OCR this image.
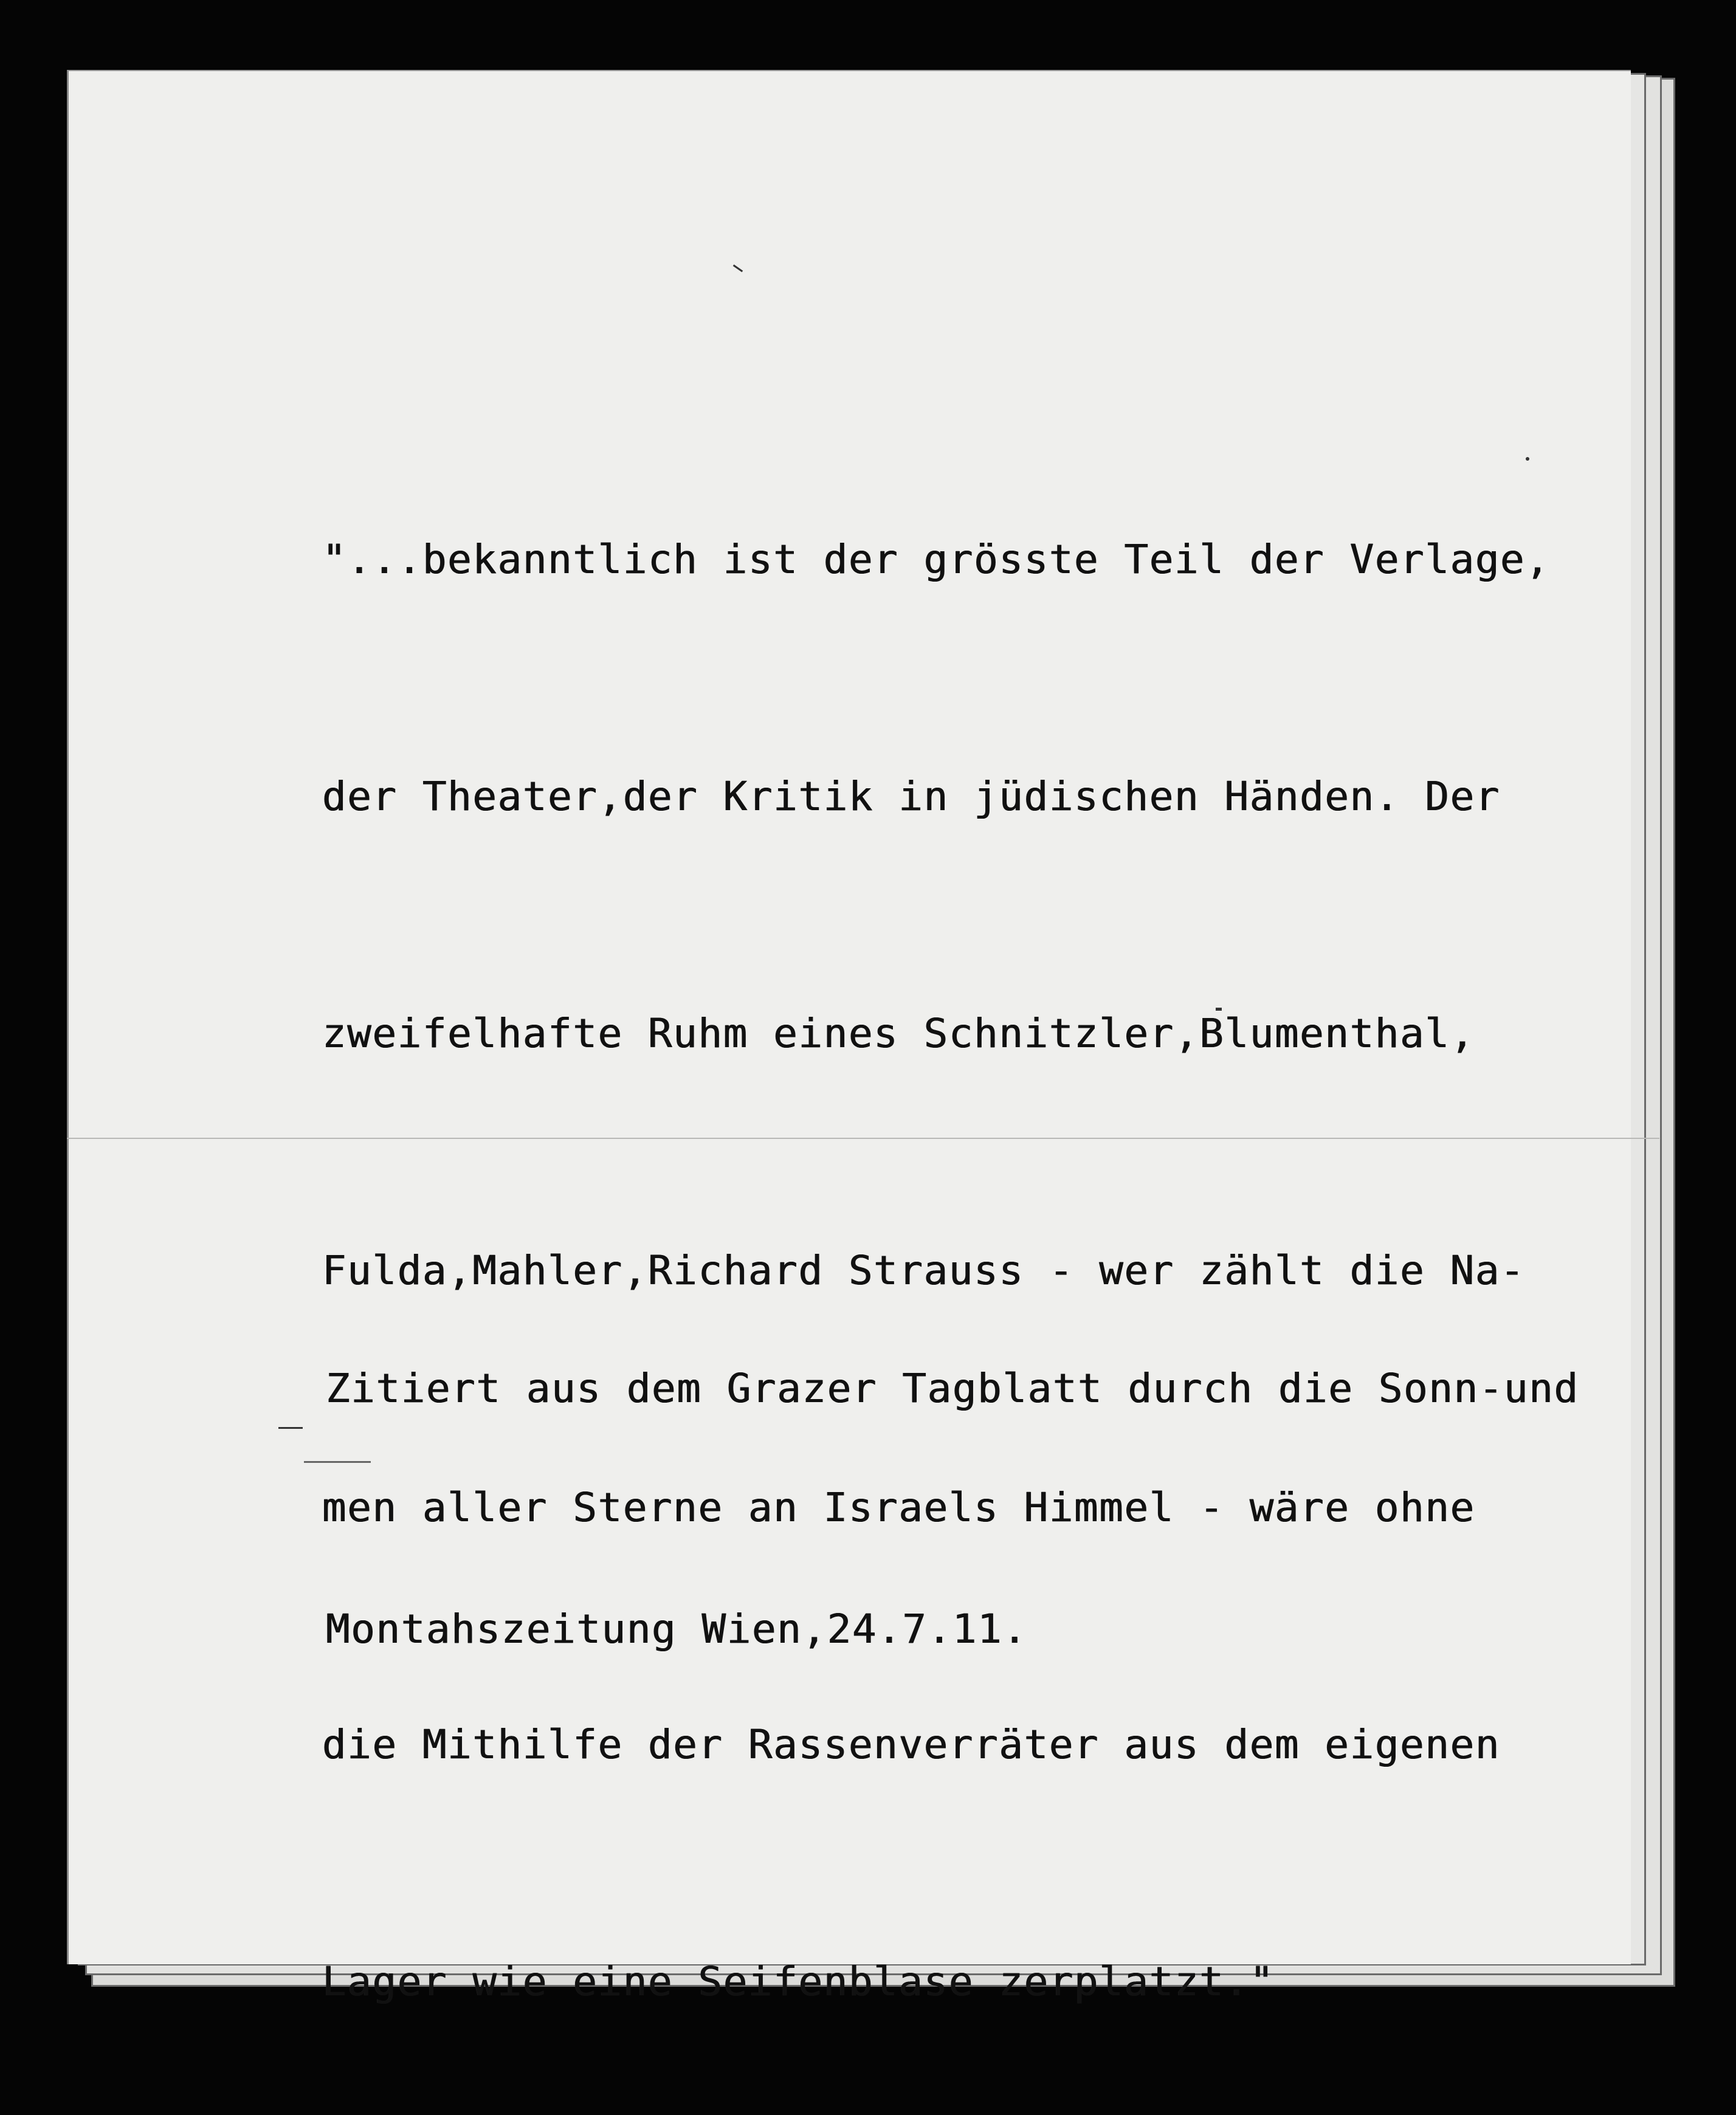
"...bekanntlich ist der grösste Teil der Verlage,

der Theater,der Kritik in jüdischen Händen. Der

zweifelhafte Ruhm eines Schnitzler,Blumenthal,

Fulda,Mahler,Richard Strauss - wer zählt die Na-

men aller Sterne an Israels Himmel - wäre ohne

die Mithilfe der Rassenverräter aus dem eigenen

Lager wie eine Seifenblase zerplatzt."

Zitiert aus dem Grazer Tagblatt durch die Sonn-und

Montahszeitung Wien,24.7.11.
